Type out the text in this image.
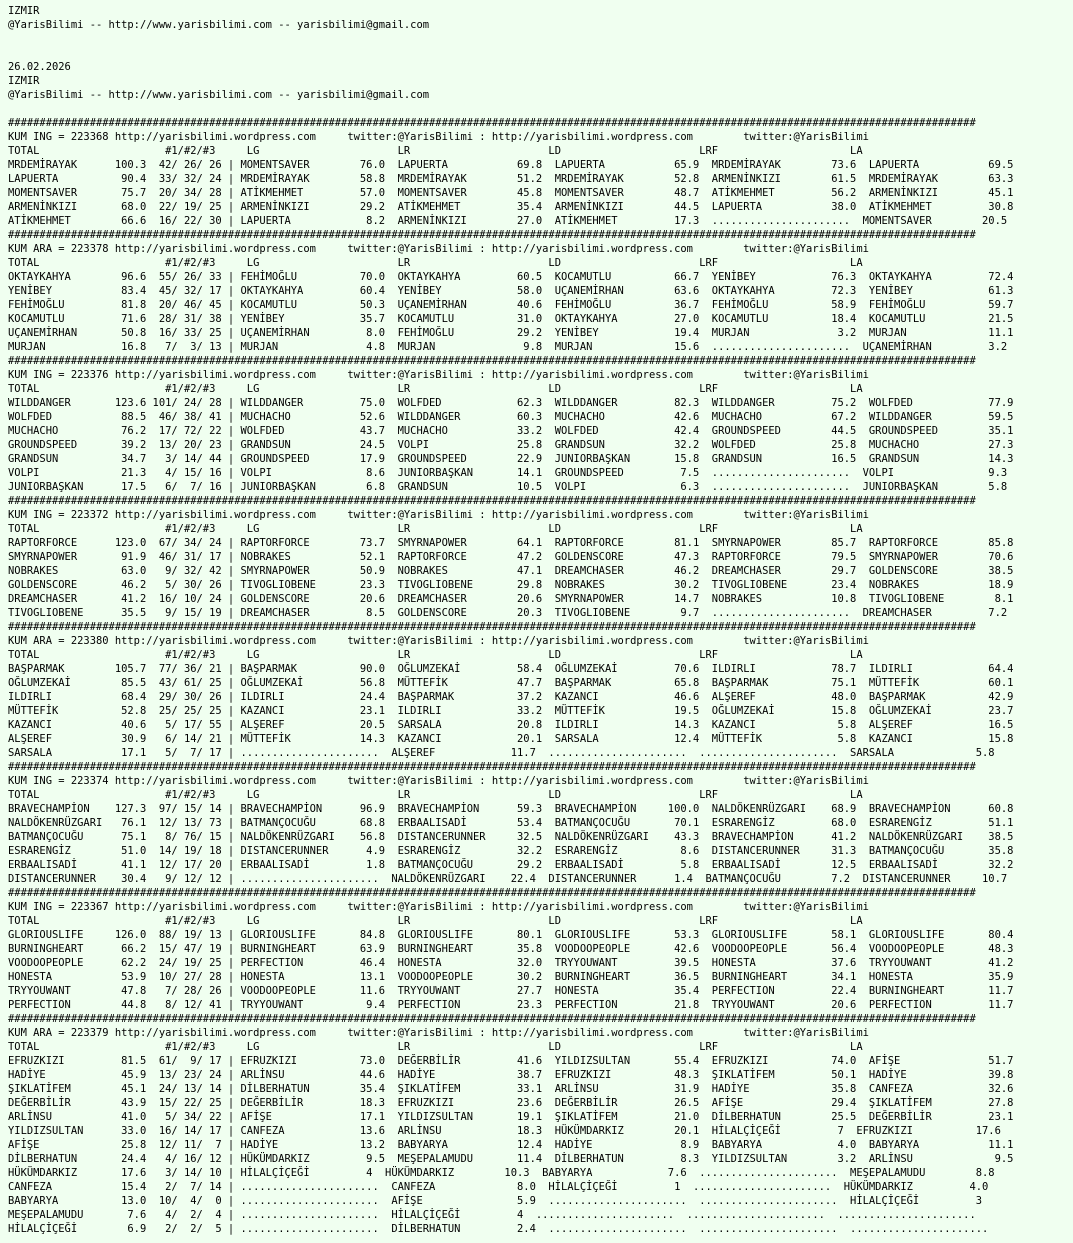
IZMIR
@YarisBilimi -- http://www.yarisbilimi.com -- yarisbilimi@gmail.com

26.02.2026
IZMIR
@YarisBilimi -- http://www.yarisbilimi.com -- yarisbilimi@gmail.com

##########################################################################################################################################################
KUM ING = 223368 http://yarisbilimi.wordpress.com     twitter:@YarisBilimi : http://yarisbilimi.wordpress.com        twitter:@YarisBilimi
TOTAL                    #1/#2/#3     LG                      LR                      LD                      LRF                     LA
MRDEMİRAYAK      100.3  42/ 26/ 26 | MOMENTSAVER        76.0  LAPUERTA           69.8  LAPUERTA           65.9  MRDEMİRAYAK        73.6  LAPUERTA           69.5
LAPUERTA          90.4  33/ 32/ 24 | MRDEMİRAYAK        58.8  MRDEMİRAYAK        51.2  MRDEMİRAYAK        52.8  ARMENİNKIZI        61.5  MRDEMİRAYAK        63.3
MOMENTSAVER       75.7  20/ 34/ 28 | ATİKMEHMET         57.0  MOMENTSAVER        45.8  MOMENTSAVER        48.7  ATİKMEHMET         56.2  ARMENİNKIZI        45.1
ARMENİNKIZI       68.0  22/ 19/ 25 | ARMENİNKIZI        29.2  ATİKMEHMET         35.4  ARMENİNKIZI        44.5  LAPUERTA           38.0  ATİKMEHMET         30.8
ATİKMEHMET        66.6  16/ 22/ 30 | LAPUERTA            8.2  ARMENİNKIZI        27.0  ATİKMEHMET         17.3  ......................  MOMENTSAVER        20.5
##########################################################################################################################################################
KUM ARA = 223378 http://yarisbilimi.wordpress.com     twitter:@YarisBilimi : http://yarisbilimi.wordpress.com        twitter:@YarisBilimi
TOTAL                    #1/#2/#3     LG                      LR                      LD                      LRF                     LA
OKTAYKAHYA        96.6  55/ 26/ 33 | FEHİMOĞLU          70.0  OKTAYKAHYA         60.5  KOCAMUTLU          66.7  YENİBEY            76.3  OKTAYKAHYA         72.4
YENİBEY           83.4  45/ 32/ 17 | OKTAYKAHYA         60.4  YENİBEY            58.0  UÇANEMİRHAN        63.6  OKTAYKAHYA         72.3  YENİBEY            61.3
FEHİMOĞLU         81.8  20/ 46/ 45 | KOCAMUTLU          50.3  UÇANEMİRHAN        40.6  FEHİMOĞLU          36.7  FEHİMOĞLU          58.9  FEHİMOĞLU          59.7
KOCAMUTLU         71.6  28/ 31/ 38 | YENİBEY            35.7  KOCAMUTLU          31.0  OKTAYKAHYA         27.0  KOCAMUTLU          18.4  KOCAMUTLU          21.5
UÇANEMİRHAN       50.8  16/ 33/ 25 | UÇANEMİRHAN         8.0  FEHİMOĞLU          29.2  YENİBEY            19.4  MURJAN              3.2  MURJAN             11.1
MURJAN            16.8   7/  3/ 13 | MURJAN              4.8  MURJAN              9.8  MURJAN             15.6  ......................  UÇANEMİRHAN         3.2
##########################################################################################################################################################
KUM ING = 223376 http://yarisbilimi.wordpress.com     twitter:@YarisBilimi : http://yarisbilimi.wordpress.com        twitter:@YarisBilimi
TOTAL                    #1/#2/#3     LG                      LR                      LD                      LRF                     LA
WILDDANGER       123.6 101/ 24/ 28 | WILDDANGER         75.0  WOLFDED            62.3  WILDDANGER         82.3  WILDDANGER         75.2  WOLFDED            77.9
WOLFDED           88.5  46/ 38/ 41 | MUCHACHO           52.6  WILDDANGER         60.3  MUCHACHO           42.6  MUCHACHO           67.2  WILDDANGER         59.5
MUCHACHO          76.2  17/ 72/ 22 | WOLFDED            43.7  MUCHACHO           33.2  WOLFDED            42.4  GROUNDSPEED        44.5  GROUNDSPEED        35.1
GROUNDSPEED       39.2  13/ 20/ 23 | GRANDSUN           24.5  VOLPI              25.8  GRANDSUN           32.2  WOLFDED            25.8  MUCHACHO           27.3
GRANDSUN          34.7   3/ 14/ 44 | GROUNDSPEED        17.9  GROUNDSPEED        22.9  JUNIORBAŞKAN       15.8  GRANDSUN           16.5  GRANDSUN           14.3
VOLPI             21.3   4/ 15/ 16 | VOLPI               8.6  JUNIORBAŞKAN       14.1  GROUNDSPEED         7.5  ......................  VOLPI               9.3
JUNIORBAŞKAN      17.5   6/  7/ 16 | JUNIORBAŞKAN        6.8  GRANDSUN           10.5  VOLPI               6.3  ......................  JUNIORBAŞKAN        5.8
##########################################################################################################################################################
KUM ING = 223372 http://yarisbilimi.wordpress.com     twitter:@YarisBilimi : http://yarisbilimi.wordpress.com        twitter:@YarisBilimi
TOTAL                    #1/#2/#3     LG                      LR                      LD                      LRF                     LA
RAPTORFORCE      123.0  67/ 34/ 24 | RAPTORFORCE        73.7  SMYRNAPOWER        64.1  RAPTORFORCE        81.1  SMYRNAPOWER        85.7  RAPTORFORCE        85.8
SMYRNAPOWER       91.9  46/ 31/ 17 | NOBRAKES           52.1  RAPTORFORCE        47.2  GOLDENSCORE        47.3  RAPTORFORCE        79.5  SMYRNAPOWER        70.6
NOBRAKES          63.0   9/ 32/ 42 | SMYRNAPOWER        50.9  NOBRAKES           47.1  DREAMCHASER        46.2  DREAMCHASER        29.7  GOLDENSCORE        38.5
GOLDENSCORE       46.2   5/ 30/ 26 | TIVOGLIOBENE       23.3  TIVOGLIOBENE       29.8  NOBRAKES           30.2  TIVOGLIOBENE       23.4  NOBRAKES           18.9
DREAMCHASER       41.2  16/ 10/ 24 | GOLDENSCORE        20.6  DREAMCHASER        20.6  SMYRNAPOWER        14.7  NOBRAKES           10.8  TIVOGLIOBENE        8.1
TIVOGLIOBENE      35.5   9/ 15/ 19 | DREAMCHASER         8.5  GOLDENSCORE        20.3  TIVOGLIOBENE        9.7  ......................  DREAMCHASER         7.2
##########################################################################################################################################################
KUM ARA = 223380 http://yarisbilimi.wordpress.com     twitter:@YarisBilimi : http://yarisbilimi.wordpress.com        twitter:@YarisBilimi
TOTAL                    #1/#2/#3     LG                      LR                      LD                      LRF                     LA
BAŞPARMAK        105.7  77/ 36/ 21 | BAŞPARMAK          90.0  OĞLUMZEKAİ         58.4  OĞLUMZEKAİ         70.6  ILDIRLI            78.7  ILDIRLI            64.4
OĞLUMZEKAİ        85.5  43/ 61/ 25 | OĞLUMZEKAİ         56.8  MÜTTEFİK           47.7  BAŞPARMAK          65.8  BAŞPARMAK          75.1  MÜTTEFİK           60.1
ILDIRLI           68.4  29/ 30/ 26 | ILDIRLI            24.4  BAŞPARMAK          37.2  KAZANCI            46.6  ALŞEREF            48.0  BAŞPARMAK          42.9
MÜTTEFİK          52.8  25/ 25/ 25 | KAZANCI            23.1  ILDIRLI            33.2  MÜTTEFİK           19.5  OĞLUMZEKAİ         15.8  OĞLUMZEKAİ         23.7
KAZANCI           40.6   5/ 17/ 55 | ALŞEREF            20.5  SARSALA            20.8  ILDIRLI            14.3  KAZANCI             5.8  ALŞEREF            16.5
ALŞEREF           30.9   6/ 14/ 21 | MÜTTEFİK           14.3  KAZANCI            20.1  SARSALA            12.4  MÜTTEFİK            5.8  KAZANCI            15.8
SARSALA           17.1   5/  7/ 17 | ......................  ALŞEREF            11.7  ......................  ......................  SARSALA             5.8
##########################################################################################################################################################
KUM ING = 223374 http://yarisbilimi.wordpress.com     twitter:@YarisBilimi : http://yarisbilimi.wordpress.com        twitter:@YarisBilimi
TOTAL                    #1/#2/#3     LG                      LR                      LD                      LRF                     LA
BRAVECHAMPİON    127.3  97/ 15/ 14 | BRAVECHAMPİON      96.9  BRAVECHAMPİON      59.3  BRAVECHAMPİON     100.0  NALDÖKENRÜZGARI    68.9  BRAVECHAMPİON      60.8
NALDÖKENRÜZGARI   76.1  12/ 13/ 73 | BATMANÇOCUĞU       68.8  ERBAALISADİ        53.4  BATMANÇOCUĞU       70.1  ESRARENGİZ         68.0  ESRARENGİZ         51.1
BATMANÇOCUĞU      75.1   8/ 76/ 15 | NALDÖKENRÜZGARI    56.8  DISTANCERUNNER     32.5  NALDÖKENRÜZGARI    43.3  BRAVECHAMPİON      41.2  NALDÖKENRÜZGARI    38.5
ESRARENGİZ        51.0  14/ 19/ 18 | DISTANCERUNNER      4.9  ESRARENGİZ         32.2  ESRARENGİZ          8.6  DISTANCERUNNER     31.3  BATMANÇOCUĞU       35.8
ERBAALISADİ       41.1  12/ 17/ 20 | ERBAALISADİ         1.8  BATMANÇOCUĞU       29.2  ERBAALISADİ         5.8  ERBAALISADİ        12.5  ERBAALISADİ        32.2
DISTANCERUNNER    30.4   9/ 12/ 12 | ......................  NALDÖKENRÜZGARI    22.4  DISTANCERUNNER      1.4  BATMANÇOCUĞU        7.2  DISTANCERUNNER     10.7
##########################################################################################################################################################
KUM ING = 223367 http://yarisbilimi.wordpress.com     twitter:@YarisBilimi : http://yarisbilimi.wordpress.com        twitter:@YarisBilimi
TOTAL                    #1/#2/#3     LG                      LR                      LD                      LRF                     LA
GLORIOUSLIFE     126.0  88/ 19/ 13 | GLORIOUSLIFE       84.8  GLORIOUSLIFE       80.1  GLORIOUSLIFE       53.3  GLORIOUSLIFE       58.1  GLORIOUSLIFE       80.4
BURNINGHEART      66.2  15/ 47/ 19 | BURNINGHEART       63.9  BURNINGHEART       35.8  VOODOOPEOPLE       42.6  VOODOOPEOPLE       56.4  VOODOOPEOPLE       48.3
VOODOOPEOPLE      62.2  24/ 19/ 25 | PERFECTION         46.4  HONESTA            32.0  TRYYOUWANT         39.5  HONESTA            37.6  TRYYOUWANT         41.2
HONESTA           53.9  10/ 27/ 28 | HONESTA            13.1  VOODOOPEOPLE       30.2  BURNINGHEART       36.5  BURNINGHEART       34.1  HONESTA            35.9
TRYYOUWANT        47.8   7/ 28/ 26 | VOODOOPEOPLE       11.6  TRYYOUWANT         27.7  HONESTA            35.4  PERFECTION         22.4  BURNINGHEART       11.7
PERFECTION        44.8   8/ 12/ 41 | TRYYOUWANT          9.4  PERFECTION         23.3  PERFECTION         21.8  TRYYOUWANT         20.6  PERFECTION         11.7
##########################################################################################################################################################
KUM ARA = 223379 http://yarisbilimi.wordpress.com     twitter:@YarisBilimi : http://yarisbilimi.wordpress.com        twitter:@YarisBilimi
TOTAL                    #1/#2/#3     LG                      LR                      LD                      LRF                     LA
EFRUZKIZI         81.5  61/  9/ 17 | EFRUZKIZI          73.0  DEĞERBİLİR         41.6  YILDIZSULTAN       55.4  EFRUZKIZI          74.0  AFİŞE              51.7
HADİYE            45.9  13/ 23/ 24 | ARLİNSU            44.6  HADİYE             38.7  EFRUZKIZI          48.3  ŞIKLATİFEM         50.1  HADİYE             39.8
ŞIKLATİFEM        45.1  24/ 13/ 14 | DİLBERHATUN        35.4  ŞIKLATİFEM         33.1  ARLİNSU            31.9  HADİYE             35.8  CANFEZA            32.6
DEĞERBİLİR        43.9  15/ 22/ 25 | DEĞERBİLİR         18.3  EFRUZKIZI          23.6  DEĞERBİLİR         26.5  AFİŞE              29.4  ŞIKLATİFEM         27.8
ARLİNSU           41.0   5/ 34/ 22 | AFİŞE              17.1  YILDIZSULTAN       19.1  ŞIKLATİFEM         21.0  DİLBERHATUN        25.5  DEĞERBİLİR         23.1
YILDIZSULTAN      33.0  16/ 14/ 17 | CANFEZA            13.6  ARLİNSU            18.3  HÜKÜMDARKIZ        20.1  HİLALÇİÇEĞİ         7  EFRUZKIZI          17.6
AFİŞE             25.8  12/ 11/  7 | HADİYE             13.2  BABYARYA           12.4  HADİYE              8.9  BABYARYA            4.0  BABYARYA           11.1
DİLBERHATUN       24.4   4/ 16/ 12 | HÜKÜMDARKIZ         9.5  MEŞEPALAMUDU       11.4  DİLBERHATUN         8.3  YILDIZSULTAN        3.2  ARLİNSU             9.5
HÜKÜMDARKIZ       17.6   3/ 14/ 10 | HİLALÇİÇEĞİ         4  HÜKÜMDARKIZ        10.3  BABYARYA            7.6  ......................  MEŞEPALAMUDU        8.8
CANFEZA           15.4   2/  7/ 14 | ......................  CANFEZA             8.0  HİLALÇİÇEĞİ         1  ......................  HÜKÜMDARKIZ         4.0
BABYARYA          13.0  10/  4/  0 | ......................  AFİŞE               5.9  ......................  ......................  HİLALÇİÇEĞİ         3
MEŞEPALAMUDU       7.6   4/  2/  4 | ......................  HİLALÇİÇEĞİ         4  ......................  ......................  ......................
HİLALÇİÇEĞİ        6.9   2/  2/  5 | ......................  DİLBERHATUN         2.4  ......................  ......................  ......................
